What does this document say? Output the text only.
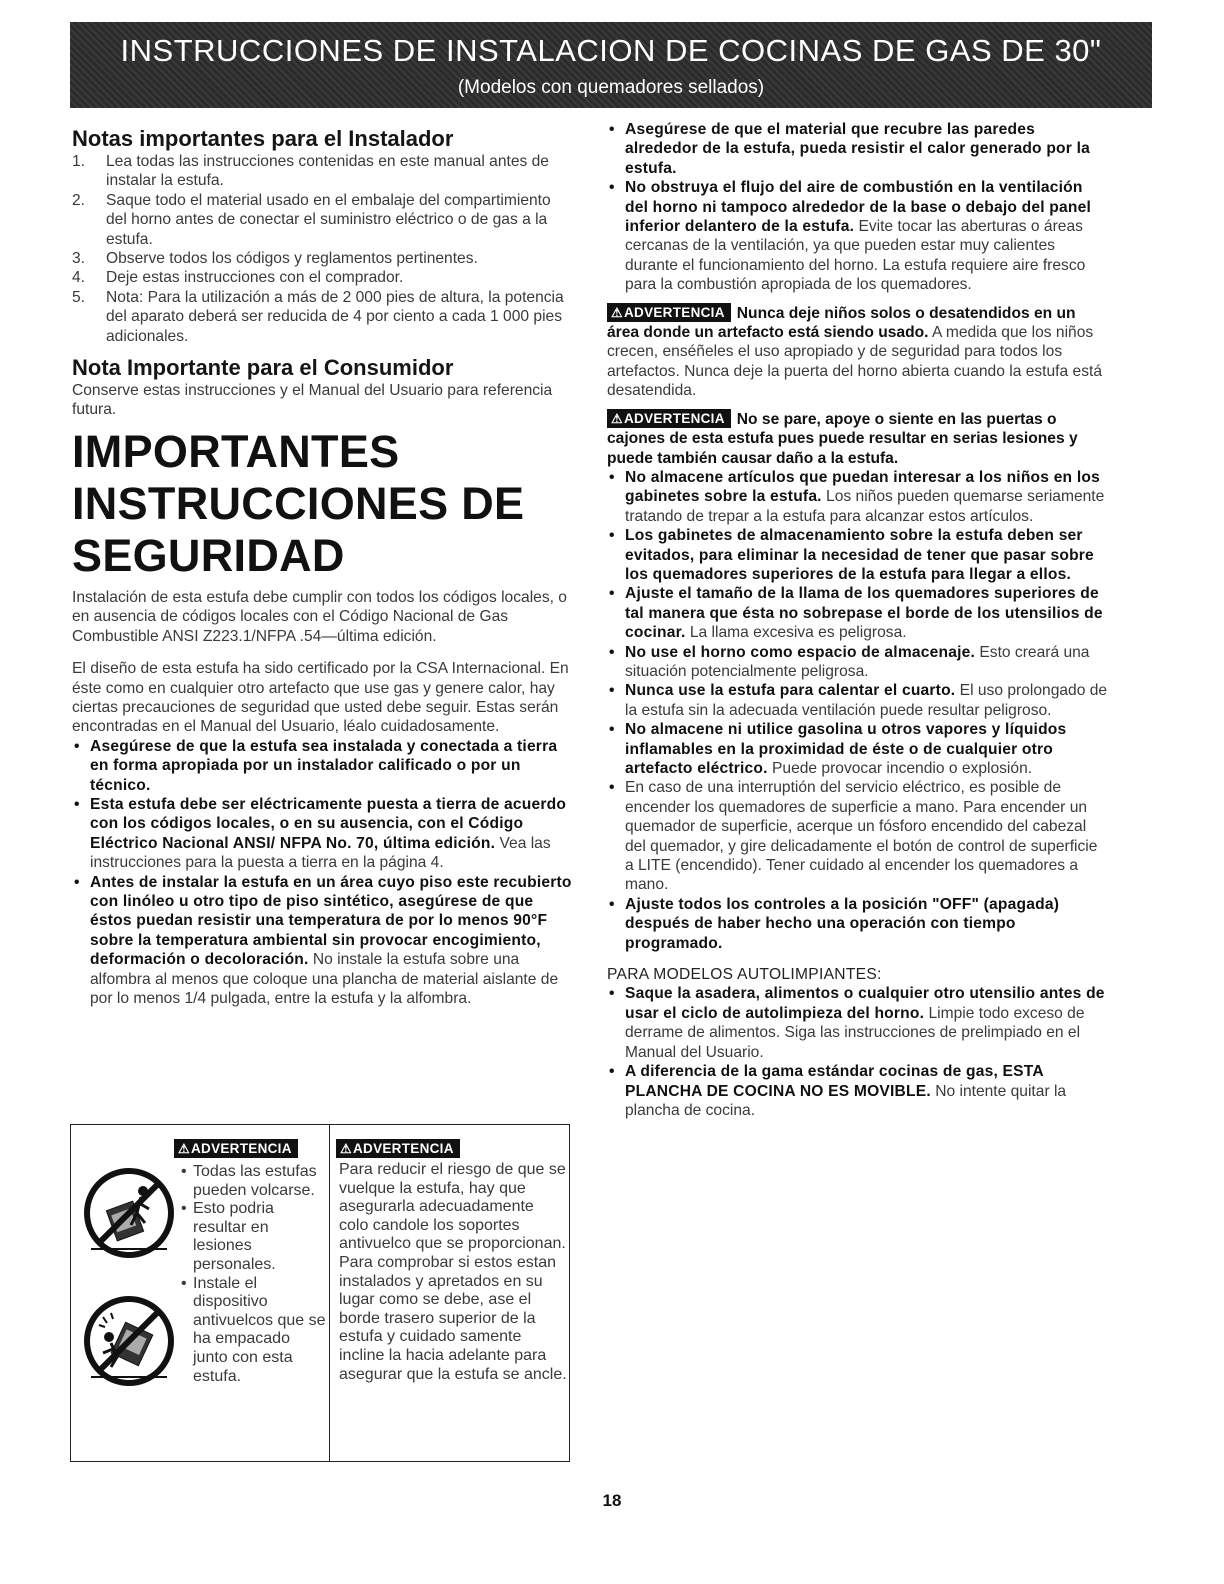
INSTRUCCIONES DE INSTALACION DE COCINAS DE GAS DE 30"
(Modelos con quemadores sellados)
Notas importantes para el Instalador
1.	Lea todas las instrucciones contenidas en este manual antes de instalar la estufa.
2.	Saque todo el material usado en el embalaje del compartimiento del horno antes de conectar el suministro eléctrico o de gas a la estufa.
3.	Observe todos los códigos y reglamentos pertinentes.
4.	Deje estas instrucciones con el comprador.
5.	Nota: Para la utilización a más de 2 000 pies de altura, la potencia del aparato deberá ser reducida de 4 por ciento a cada 1 000 pies adicionales.
Nota Importante para el Consumidor
Conserve estas instrucciones y el Manual del Usuario para referencia futura.
IMPORTANTES
INSTRUCCIONES DE
SEGURIDAD
Instalación de esta estufa debe cumplir con todos los códigos locales, o en ausencia de códigos locales con el Código Nacional de Gas Combustible ANSI Z223.1/NFPA .54—última edición.
El diseño de esta estufa ha sido certificado por la CSA Internacional. En éste como en cualquier otro artefacto que use gas y genere calor, hay ciertas precauciones de seguridad que usted debe seguir. Estas serán encontradas en el Manual del Usuario, léalo cuidadosamente.
• Asegúrese de que la estufa sea instalada y conectada a tierra en forma apropiada por un instalador calificado o por un técnico.
• Esta estufa debe ser eléctricamente puesta a tierra de acuerdo con los códigos locales, o en su ausencia, con el Código Eléctrico Nacional ANSI/ NFPA No. 70, última edición. Vea las instrucciones para la puesta a tierra en la página 4.
• Antes de instalar la estufa en un área cuyo piso este recubierto con linóleo u otro tipo de piso sintético, asegúrese de que éstos puedan resistir una temperatura de por lo menos 90°F sobre la temperatura ambiental sin provocar encogimiento, deformación o decoloración. No instale la estufa sobre una alfombra al menos que coloque una plancha de material aislante de por lo menos 1/4 pulgada, entre la estufa y la alfombra.
⚠ADVERTENCIA	⚠ADVERTENCIA
• Todas las estufas pueden volcarse.
• Esto podria resultar en lesiones personales.
• Instale el dispositivo antivuelcos que se ha empacado junto con esta estufa.
Para reducir el riesgo de que se vuelque la estufa, hay que asegurarla adecuadamente colo candole los soportes antivuelco que se proporcionan. Para comprobar si estos estan instalados y apretados en su lugar como se debe, ase el borde trasero superior de la estufa y cuidado samente incline la hacia adelante para asegurar que la estufa se ancle.
• Asegúrese de que el material que recubre las paredes alrededor de la estufa, pueda resistir el calor generado por la estufa.
• No obstruya el flujo del aire de combustión en la ventilación del horno ni tampoco alrededor de la base o debajo del panel inferior delantero de la estufa. Evite tocar las aberturas o áreas cercanas de la ventilación, ya que pueden estar muy calientes durante el funcionamiento del horno. La estufa requiere aire fresco para la combustión apropiada de los quemadores.
⚠ADVERTENCIA Nunca deje niños solos o desatendidos en un área donde un artefacto está siendo usado. A medida que los niños crecen, enséñeles el uso apropiado y de seguridad para todos los artefactos. Nunca deje la puerta del horno abierta cuando la estufa está desatendida.
⚠ADVERTENCIA No se pare, apoye o siente en las puertas o cajones de esta estufa pues puede resultar en serias lesiones y puede también causar daño a la estufa.
• No almacene artículos que puedan interesar a los niños en los gabinetes sobre la estufa. Los niños pueden quemarse seriamente tratando de trepar a la estufa para alcanzar estos artículos.
• Los gabinetes de almacenamiento sobre la estufa deben ser evitados, para eliminar la necesidad de tener que pasar sobre los quemadores superiores de la estufa para llegar a ellos.
• Ajuste el tamaño de la llama de los quemadores superiores de tal manera que ésta no sobrepase el borde de los utensilios de cocinar. La llama excesiva es peligrosa.
• No use el horno como espacio de almacenaje. Esto creará una situación potencialmente peligrosa.
• Nunca use la estufa para calentar el cuarto. El uso prolongado de la estufa sin la adecuada ventilación puede resultar peligroso.
• No almacene ni utilice gasolina u otros vapores y líquidos inflamables en la proximidad de éste o de cualquier otro artefacto eléctrico. Puede provocar incendio o explosión.
• En caso de una interruptión del servicio eléctrico, es posible de encender los quemadores de superficie a mano. Para encender un quemador de superficie, acerque un fósforo encendido del cabezal del quemador, y gire delicadamente el botón de control de superficie a LITE (encendido). Tener cuidado al encender los quemadores a mano.
• Ajuste todos los controles a la posición "OFF" (apagada) después de haber hecho una operación con tiempo programado.
PARA MODELOS AUTOLIMPIANTES:
• Saque la asadera, alimentos o cualquier otro utensilio antes de usar el ciclo de autolimpieza del horno. Limpie todo exceso de derrame de alimentos. Siga las instrucciones de prelimpiado en el Manual del Usuario.
• A diferencia de la gama estándar cocinas de gas, ESTA PLANCHA DE COCINA NO ES MOVIBLE. No intente quitar la plancha de cocina.
18
